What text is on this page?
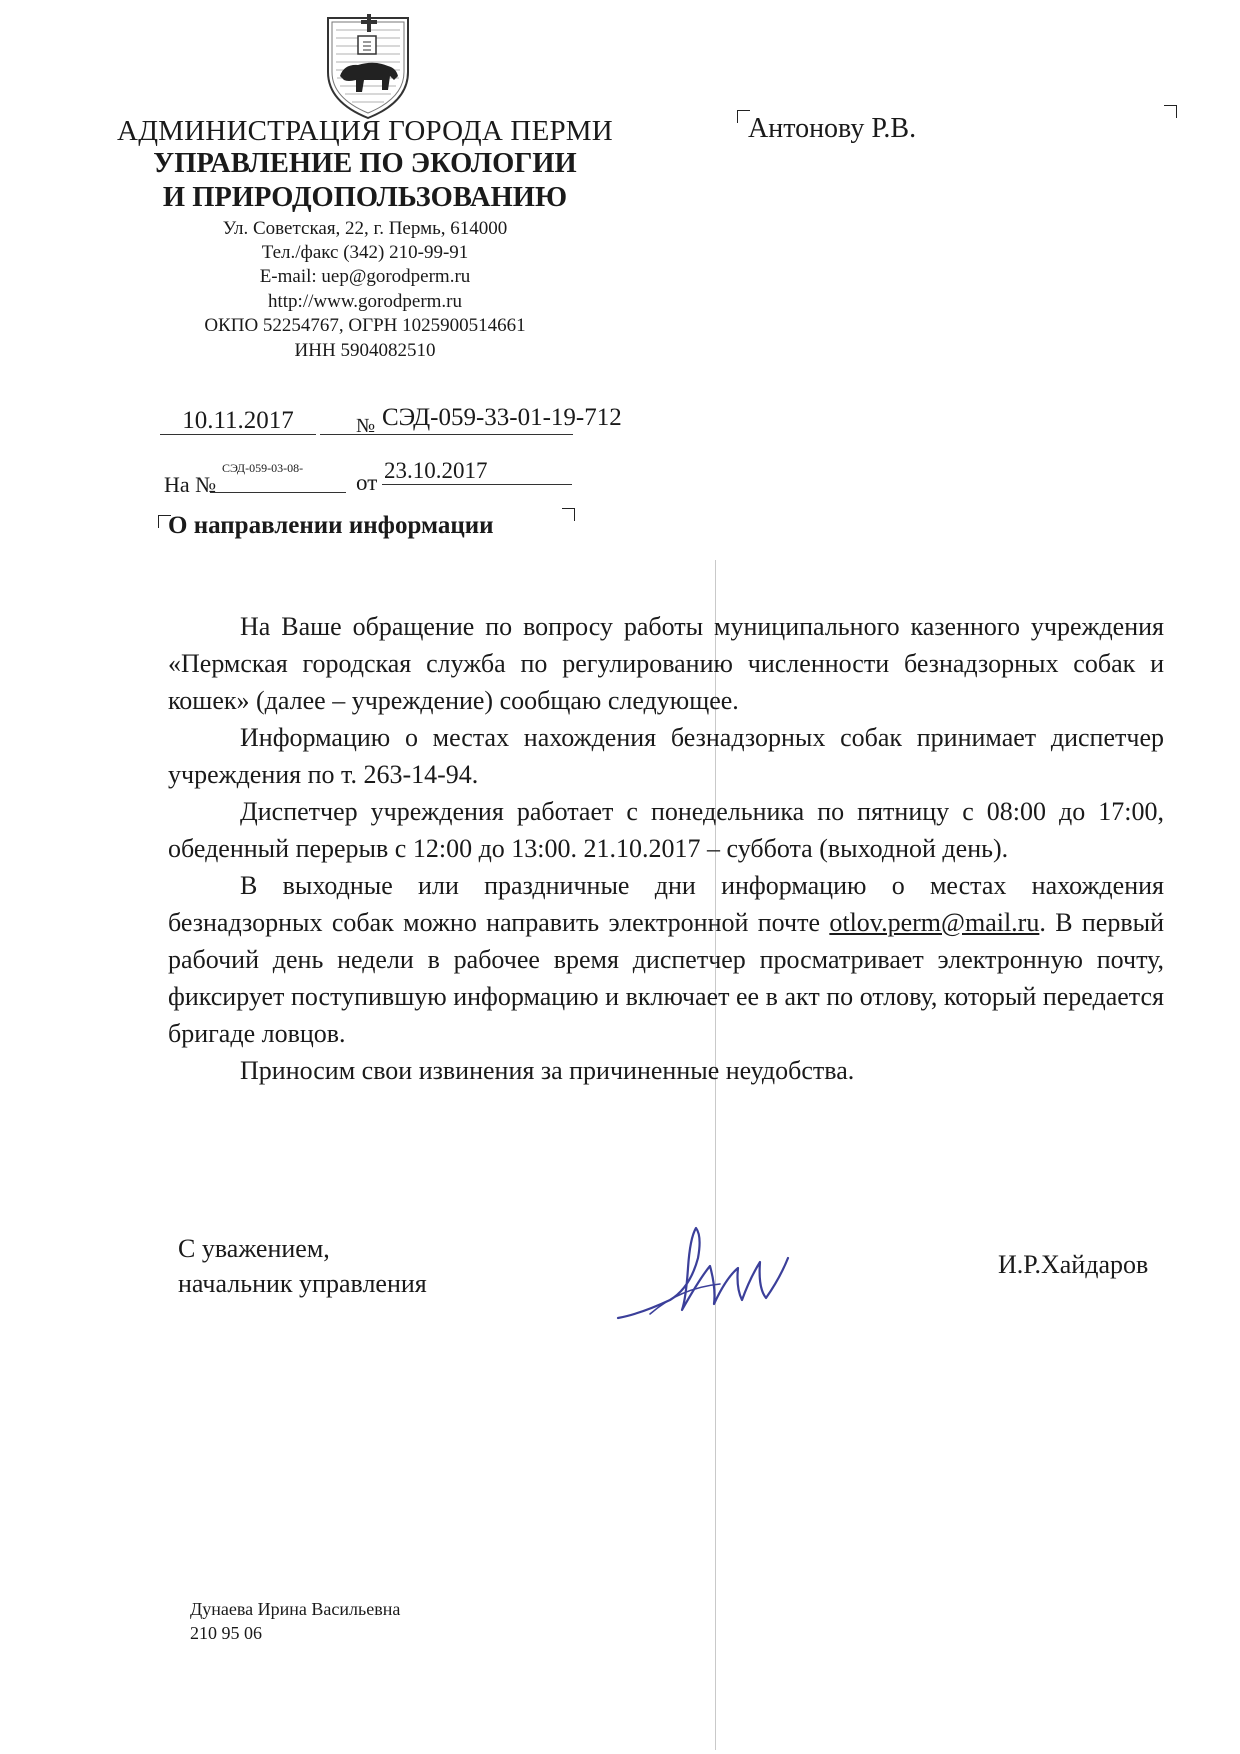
АДМИНИСТРАЦИЯ ГОРОДА ПЕРМИ
УПРАВЛЕНИЕ ПО ЭКОЛОГИИ
И ПРИРОДОПОЛЬЗОВАНИЮ
Ул. Советская, 22, г. Пермь, 614000
Тел./факс (342) 210-99-91
E-mail: uep@gorodperm.ru
http://www.gorodperm.ru
ОКПО 52254767, ОГРН 1025900514661
ИНН 5904082510
Антонову Р.В.
10.11.2017	№ СЭД-059-33-01-19-712
На №
СЭД-059-03-08-
от 23.10.2017
О направлении информации

На Ваше обращение по вопросу работы муниципального казенного учреждения «Пермская городская служба по регулированию численности безнадзорных собак и кошек» (далее – учреждение) сообщаю следующее.

Информацию о местах нахождения безнадзорных собак принимает диспетчер учреждения по т. 263-14-94.

Диспетчер учреждения работает с понедельника по пятницу с 08:00 до 17:00, обеденный перерыв с 12:00 до 13:00. 21.10.2017 – суббота (выходной день).

В выходные или праздничные дни информацию о местах нахождения безнадзорных собак можно направить электронной почте otlov.perm@mail.ru. В первый рабочий день недели в рабочее время диспетчер просматривает электронную почту, фиксирует поступившую информацию и включает ее в акт по отлову, который передается бригаде ловцов.

Приносим свои извинения за причиненные неудобства.

С уважением,
начальник управления
И.Р.Хайдаров
Дунаева Ирина Васильевна
210 95 06
